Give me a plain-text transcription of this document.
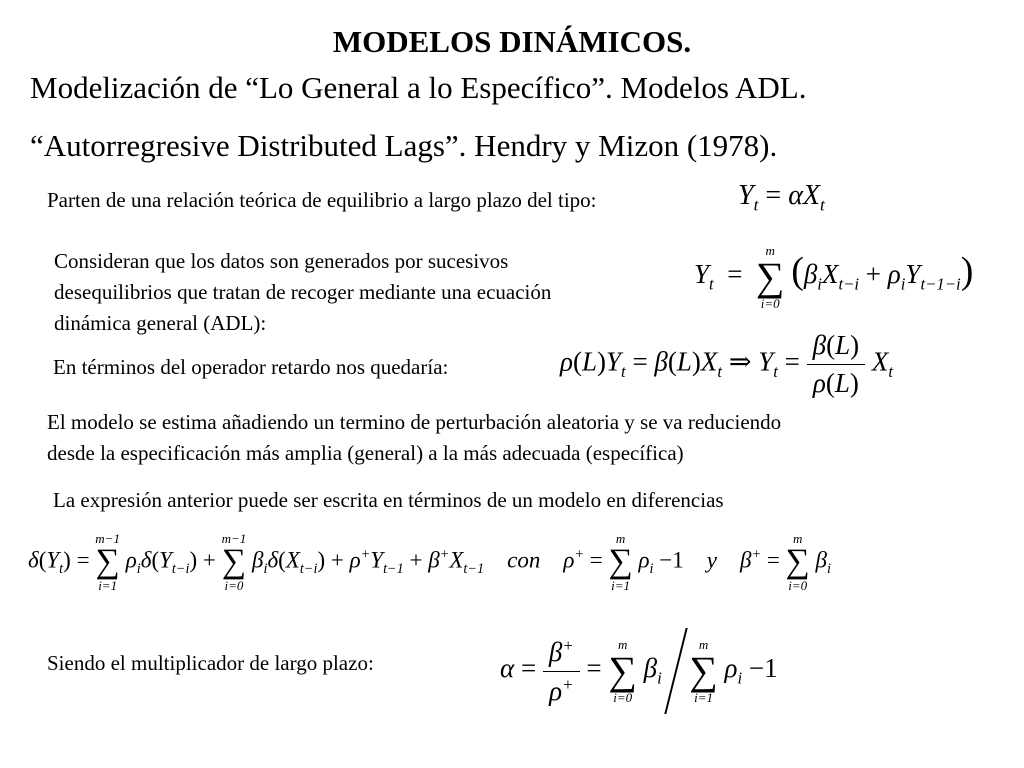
MODELOS DINÁMICOS.
Modelización de “Lo General a lo Específico”. Modelos ADL.
“Autorregresive Distributed Lags”. Hendry y Mizon (1978).
Parten de una relación teórica de equilibrio a largo plazo del tipo:	$Y_t = \alpha X_t$
Consideran que los datos son generados por sucesivos
desequilibrios que tratan de recoger mediante una ecuación
dinámica general (ADL):
$Y_t$  =
m
∑
i=0
$(\beta_iX_{t-i} + \rho_iY_{t-1-i})$
En términos del operador retardo nos quedaría:	$\rho(L)Y_t = \beta(L)X_t$ ⇒ $Y_t = \frac{\beta(L)}{\rho(L)} X_t$
El modelo se estima añadiendo un termino de perturbación aleatoria y se va reduciendo
desde la especificación más amplia (general) a la más adecuada (específica)
La expresión anterior puede ser escrita en términos de un modelo en diferencias
$\delta(Y_t)$ =
m−1
∑
i=1
$\rho_i\delta(Y_{t-i})$ +
m−1
∑
i=0
$\beta_i\delta(X_{t-i}) + \rho^+Y_{t-1} + \beta^+X_{t-1}$ con    ρ+ =
m
∑
i=1
$\rho_i -1$ y    β+ =
m
∑
i=0
$\beta_i$
Siendo el multiplicador de largo plazo:	$\alpha = \frac{\beta^+}{\rho^+}$ =
m
∑
i=0
$\beta_i$
m
∑
i=1
$\rho_i -1$
